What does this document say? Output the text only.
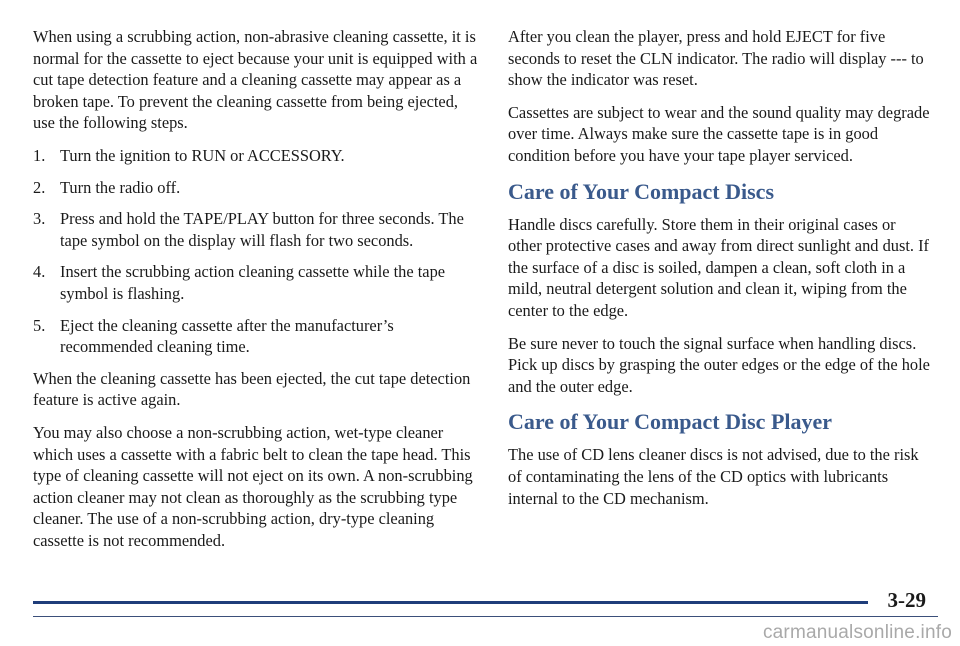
When using a scrubbing action, non-abrasive cleaning cassette, it is normal for the cassette to eject because your unit is equipped with a cut tape detection feature and a cleaning cassette may appear as a broken tape. To prevent the cleaning cassette from being ejected, use the following steps.

1. Turn the ignition to RUN or ACCESSORY.
2. Turn the radio off.
3. Press and hold the TAPE/PLAY button for three seconds. The tape symbol on the display will flash for two seconds.
4. Insert the scrubbing action cleaning cassette while the tape symbol is flashing.
5. Eject the cleaning cassette after the manufacturer’s recommended cleaning time.

When the cleaning cassette has been ejected, the cut tape detection feature is active again.

You may also choose a non-scrubbing action, wet-type cleaner which uses a cassette with a fabric belt to clean the tape head. This type of cleaning cassette will not eject on its own. A non-scrubbing action cleaner may not clean as thoroughly as the scrubbing type cleaner. The use of a non-scrubbing action, dry-type cleaning cassette is not recommended.

After you clean the player, press and hold EJECT for five seconds to reset the CLN indicator. The radio will display --- to show the indicator was reset.

Cassettes are subject to wear and the sound quality may degrade over time. Always make sure the cassette tape is in good condition before you have your tape player serviced.

Care of Your Compact Discs

Handle discs carefully. Store them in their original cases or other protective cases and away from direct sunlight and dust. If the surface of a disc is soiled, dampen a clean, soft cloth in a mild, neutral detergent solution and clean it, wiping from the center to the edge.

Be sure never to touch the signal surface when handling discs. Pick up discs by grasping the outer edges or the edge of the hole and the outer edge.

Care of Your Compact Disc Player

The use of CD lens cleaner discs is not advised, due to the risk of contaminating the lens of the CD optics with lubricants internal to the CD mechanism.

3-29
carmanualsonline.info
